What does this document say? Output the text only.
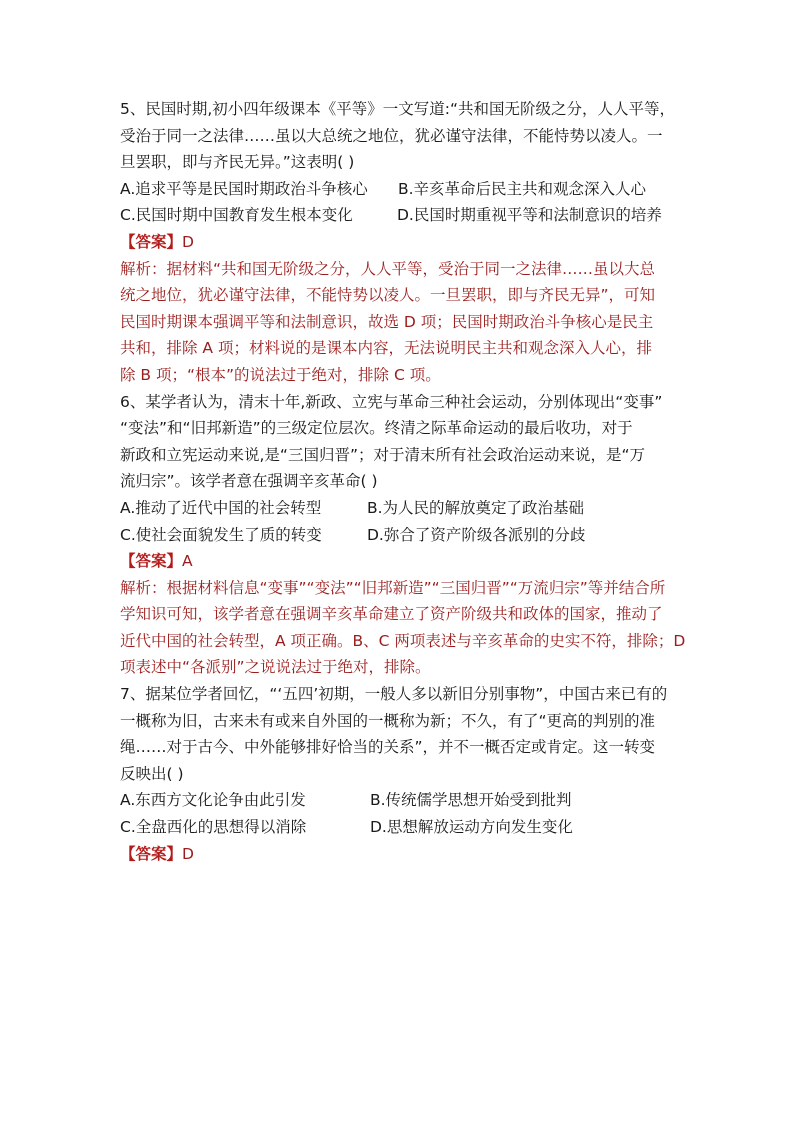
5、民国时期,初小四年级课本《平等》一文写道:“共和国无阶级之分，人人平等，
受治于同一之法律……虽以大总统之地位，犹必谨守法律，不能恃势以凌人。一
旦罢职，即与齐民无异。”这表明( )
A.追求平等是民国时期政治斗争核心	B.辛亥革命后民主共和观念深入人心
C.民国时期中国教育发生根本变化	D.民国时期重视平等和法制意识的培养
【答案】D
解析：据材料“共和国无阶级之分，人人平等，受治于同一之法律……虽以大总
统之地位，犹必谨守法律，不能恃势以凌人。一旦罢职，即与齐民无异”，可知
民国时期课本强调平等和法制意识，故选 D 项；民国时期政治斗争核心是民主
共和，排除 A 项；材料说的是课本内容，无法说明民主共和观念深入人心，排
除 B 项；“根本”的说法过于绝对，排除 C 项。
6、某学者认为，清末十年,新政、立宪与革命三种社会运动，分别体现出“变事”
“变法”和“旧邦新造”的三级定位层次。终清之际革命运动的最后收功，对于
新政和立宪运动来说,是“三国归晋”；对于清末所有社会政治运动来说，是“万
流归宗”。该学者意在强调辛亥革命( )
A.推动了近代中国的社会转型	B.为人民的解放奠定了政治基础
C.使社会面貌发生了质的转变	D.弥合了资产阶级各派别的分歧
【答案】A
解析：根据材料信息“变事”“变法”“旧邦新造”“三国归晋”“万流归宗”等并结合所
学知识可知，该学者意在强调辛亥革命建立了资产阶级共和政体的国家，推动了
近代中国的社会转型，A 项正确。B、C 两项表述与辛亥革命的史实不符，排除；D
项表述中“各派别”之说说法过于绝对，排除。
7、据某位学者回忆，“‘五四’初期，一般人多以新旧分别事物”，中国古来已有的
一概称为旧，古来未有或来自外国的一概称为新；不久，有了“更高的判别的准
绳……对于古今、中外能够排好恰当的关系”，并不一概否定或肯定。这一转变
反映出( )
A.东西方文化论争由此引发	B.传统儒学思想开始受到批判
C.全盘西化的思想得以消除	D.思想解放运动方向发生变化
【答案】D
